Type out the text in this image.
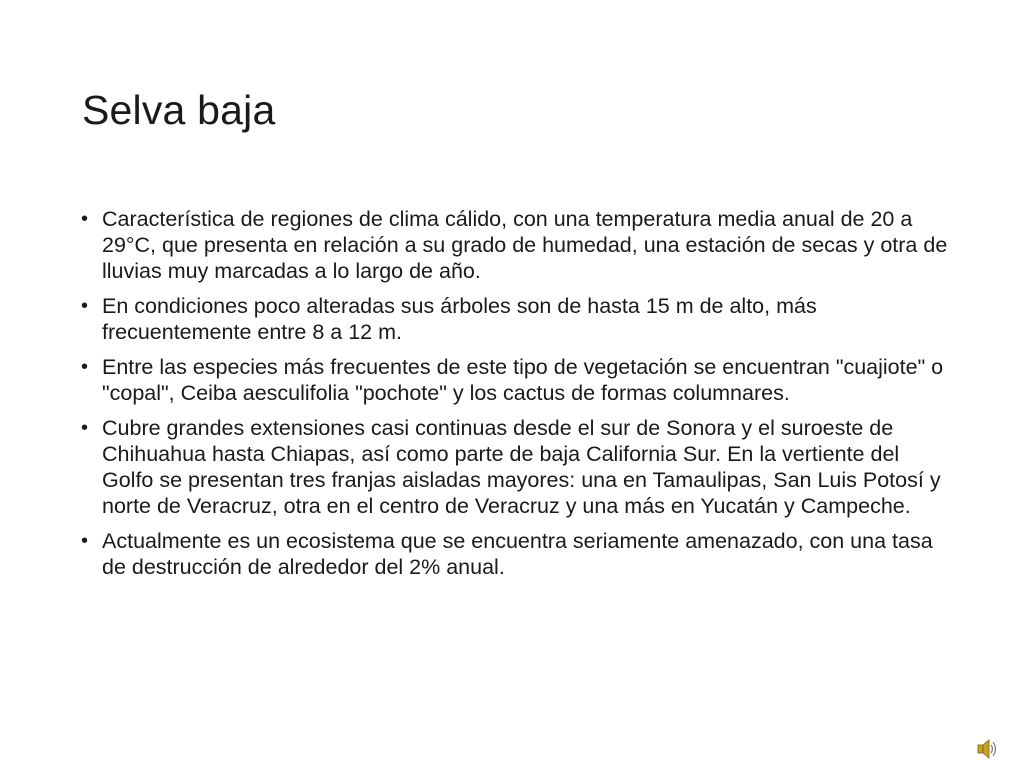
Selva baja
• Característica de regiones de clima cálido, con una temperatura media anual de 20 a 29°C, que presenta en relación a su grado de humedad, una estación de secas y otra de lluvias muy marcadas a lo largo de año.
• En condiciones poco alteradas sus árboles son de hasta 15 m de alto, más frecuentemente entre 8 a 12 m.
• Entre las especies más frecuentes de este tipo de vegetación se encuentran "cuajiote" o "copal", Ceiba aesculifolia "pochote" y los cactus de formas columnares.
• Cubre grandes extensiones casi continuas desde el sur de Sonora y el suroeste de Chihuahua hasta Chiapas, así como parte de baja California Sur. En la vertiente del Golfo se presentan tres franjas aisladas mayores: una en Tamaulipas, San Luis Potosí y norte de Veracruz, otra en el centro de Veracruz y una más en Yucatán y Campeche.
• Actualmente es un ecosistema que se encuentra seriamente amenazado, con una tasa de destrucción de alrededor del 2% anual.
